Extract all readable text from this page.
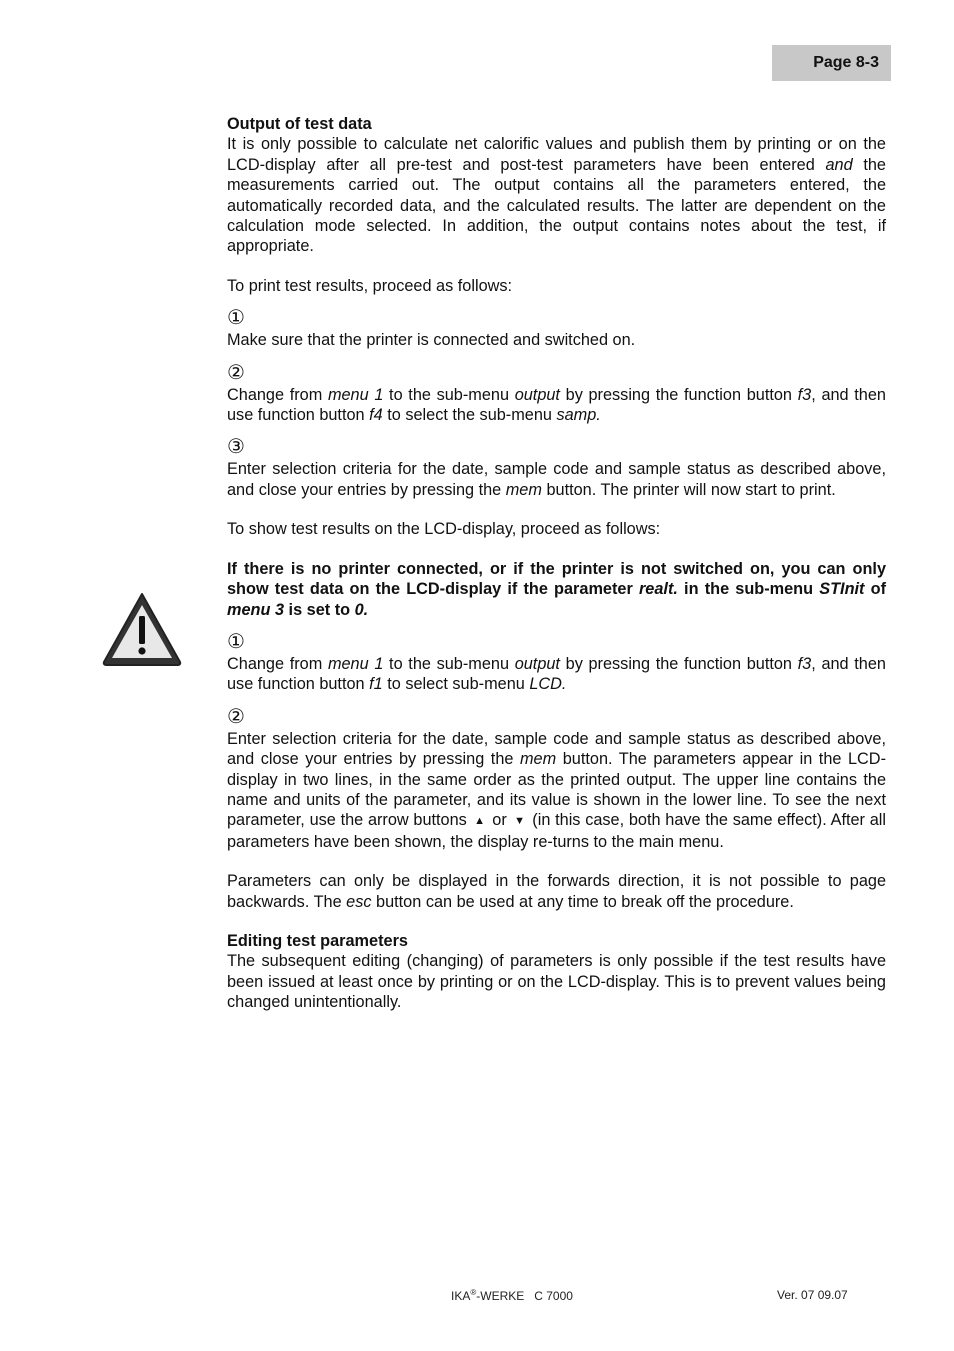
Page 8-3

Output of test data

It is only possible to calculate net calorific values and publish them by printing or on the LCD-display after all pre-test and post-test parameters have been entered and the measurements carried out. The output contains all the parameters entered, the automatically recorded data, and the calculated results. The latter are dependent on the calculation mode selected. In addition, the output contains notes about the test, if appropriate.

To print test results, proceed as follows:

①

Make sure that the printer is connected and switched on.

②

Change from menu 1 to the sub-menu output by pressing the function button f3, and then use function button f4 to select the sub-menu samp.

③

Enter selection criteria for the date, sample code and sample status as described above, and close your entries by pressing the mem button. The printer will now start to print.

To show test results on the LCD-display, proceed as follows:

If there is no printer connected, or if the printer is not switched on, you can only show test data on the LCD-display if the parameter realt. in the sub-menu STInit of menu 3 is set to 0.

①

Change from menu 1 to the sub-menu output by pressing the function button f3, and then use function button f1 to select sub-menu LCD.

②

Enter selection criteria for the date, sample code and sample status as described above, and close your entries by pressing the mem button. The parameters appear in the LCD-display in two lines, in the same order as the printed output. The upper line contains the name and units of the parameter, and its value is shown in the lower line. To see the next parameter, use the arrow buttons ▲ or ▼ (in this case, both have the same effect). After all parameters have been shown, the display re-turns to the main menu.

Parameters can only be displayed in the forwards direction, it is not possible to page backwards. The esc button can be used at any time to break off the procedure.

Editing test parameters

The subsequent editing (changing) of parameters is only possible if the test results have been issued at least once by printing or on the LCD-display. This is to prevent values being changed unintentionally.

IKA®-WERKE   C 7000	Ver. 07 09.07
